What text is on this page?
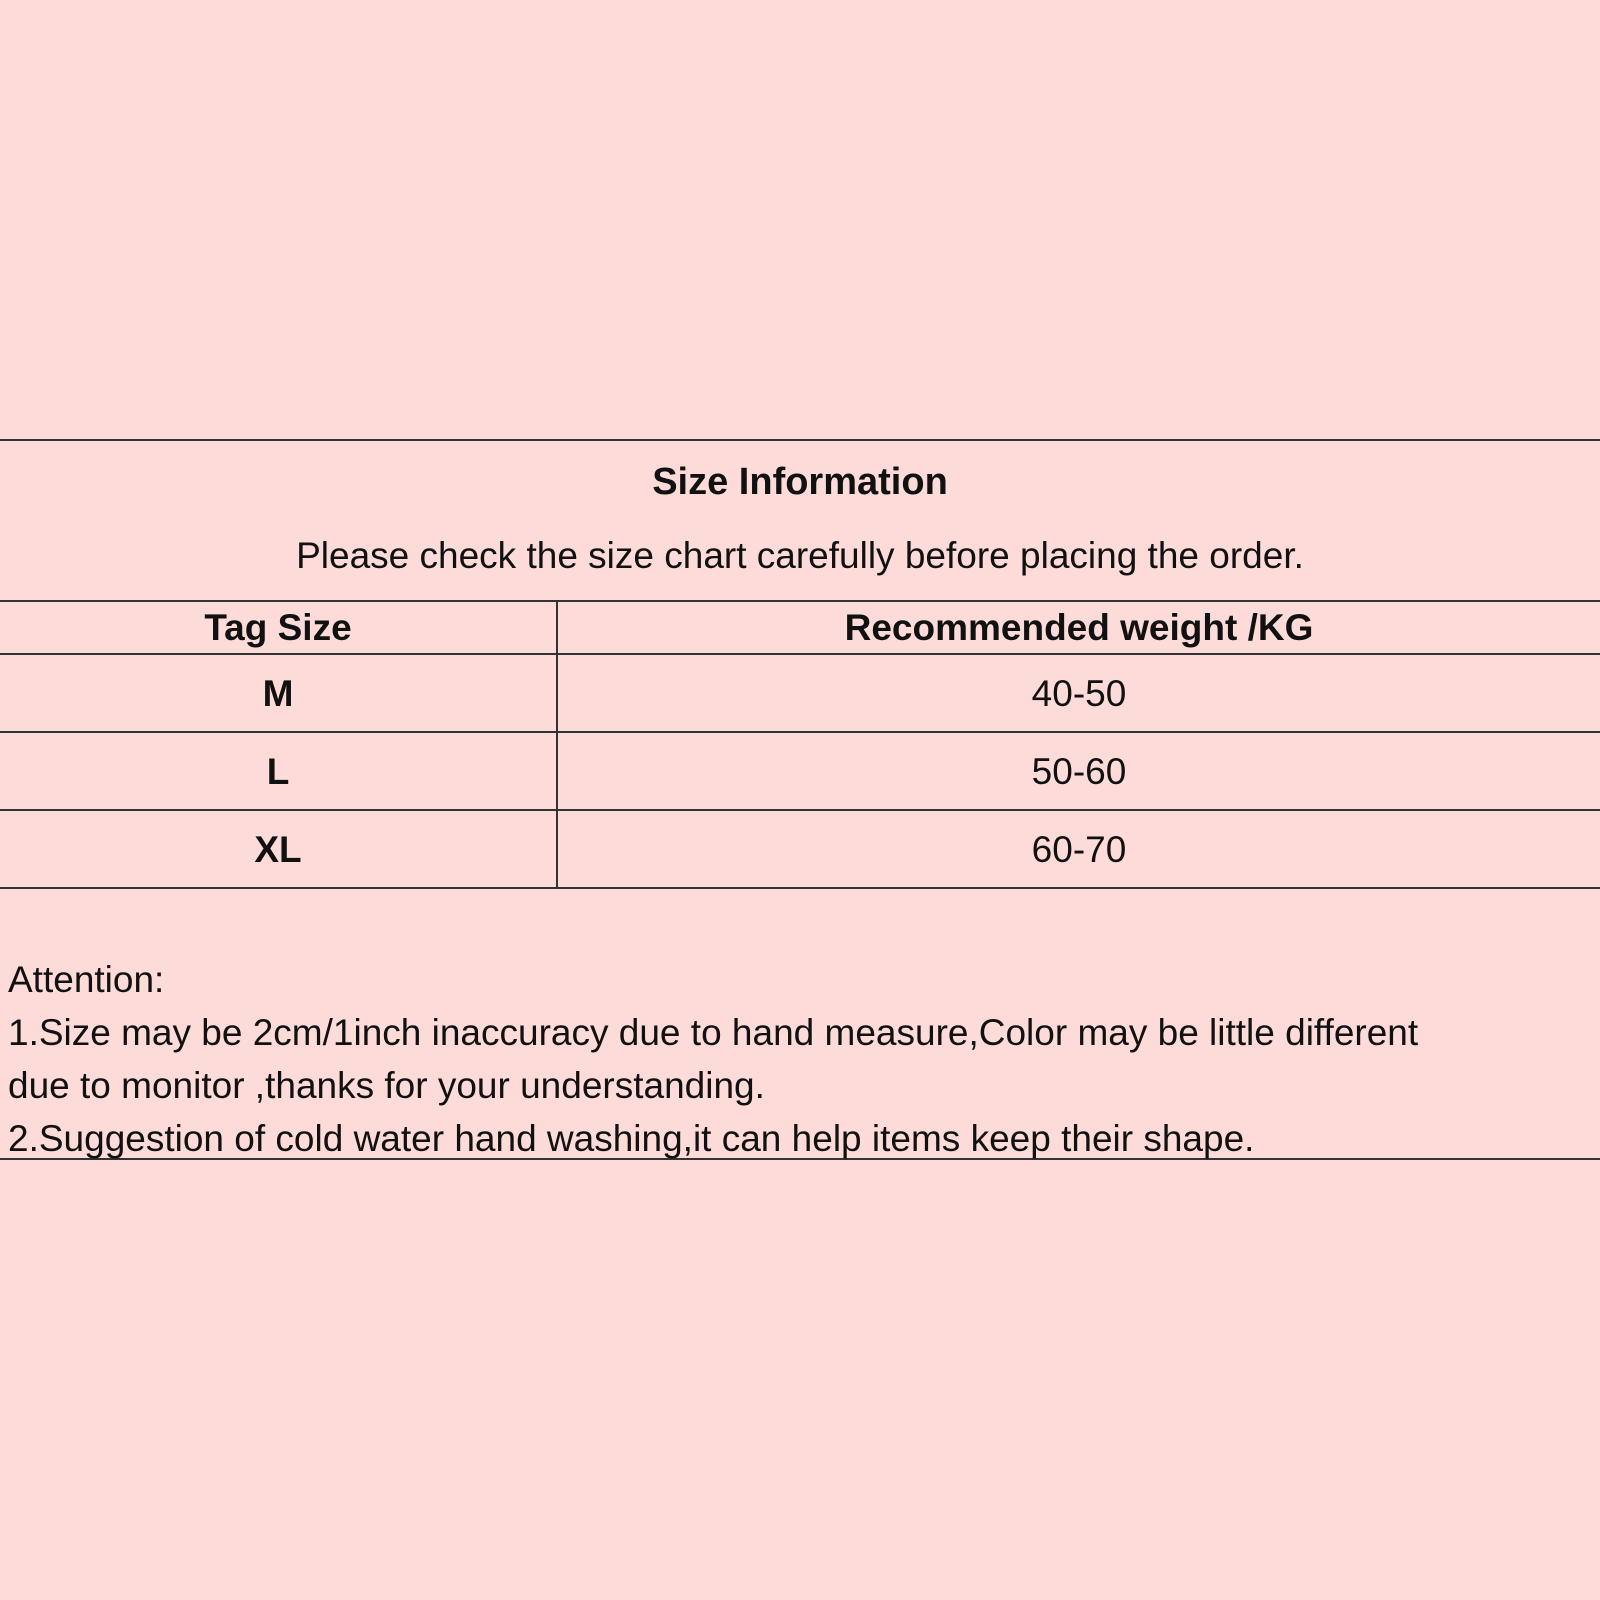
Size Information
Please check the size chart carefully before placing the order.
Tag Size	Recommended weight /KG
M	40-50
L	50-60
XL	60-70
Attention:
1.Size may be 2cm/1inch inaccuracy due to hand measure,Color may be little different
due to monitor ,thanks for your understanding.
2.Suggestion of cold water hand washing,it can help items keep their shape.
